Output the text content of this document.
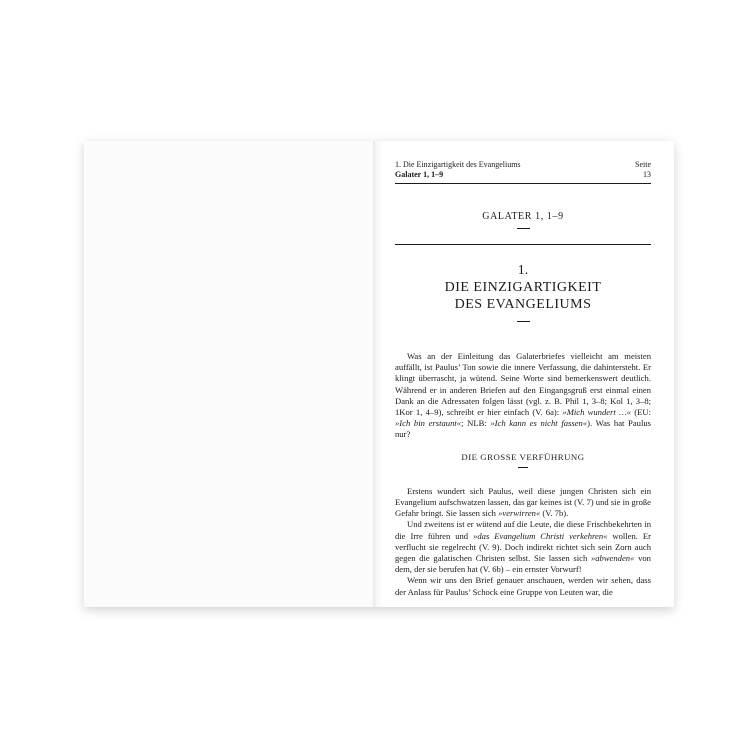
1. Die Einzigartigkeit des Evangeliums
Galater 1, 1–9
Seite
13
GALATER 1, 1–9
1.
DIE EINZIGARTIGKEIT
DES EVANGELIUMS

Was an der Einleitung das Galaterbriefes vielleicht am meisten auffällt, ist Paulus’ Ton sowie die innere Verfassung, die dahintersteht. Er klingt überrascht, ja wütend. Seine Worte sind bemerkenswert deutlich. Während er in anderen Briefen auf den Eingangsgruß erst einmal einen Dank an die Adressaten folgen lässt (vgl. z. B. Phil 1, 3–8; Kol 1, 3–8; 1Kor 1, 4–9), schreibt er hier einfach (V. 6a): »Mich wundert …« (EU: »Ich bin erstaunt«; NLB: »Ich kann es nicht fassen«). Was hat Paulus nur?

DIE GROSSE VERFÜHRUNG

Erstens wundert sich Paulus, weil diese jungen Christen sich ein Evangelium aufschwatzen lassen, das gar keines ist (V. 7) und sie in große Gefahr bringt. Sie lassen sich »verwirren« (V. 7b).

Und zweitens ist er wütend auf die Leute, die diese Frischbekehrten in die Irre führen und »das Evangelium Christi verkehren« wollen. Er verflucht sie regelrecht (V. 9). Doch indirekt richtet sich sein Zorn auch gegen die galatischen Christen selbst. Sie lassen sich »abwenden« von dem, der sie berufen hat (V. 6b) – ein ernster Vorwurf!

Wenn wir uns den Brief genauer anschauen, werden wir sehen, dass der Anlass für Paulus’ Schock eine Gruppe von Leuten war, die
